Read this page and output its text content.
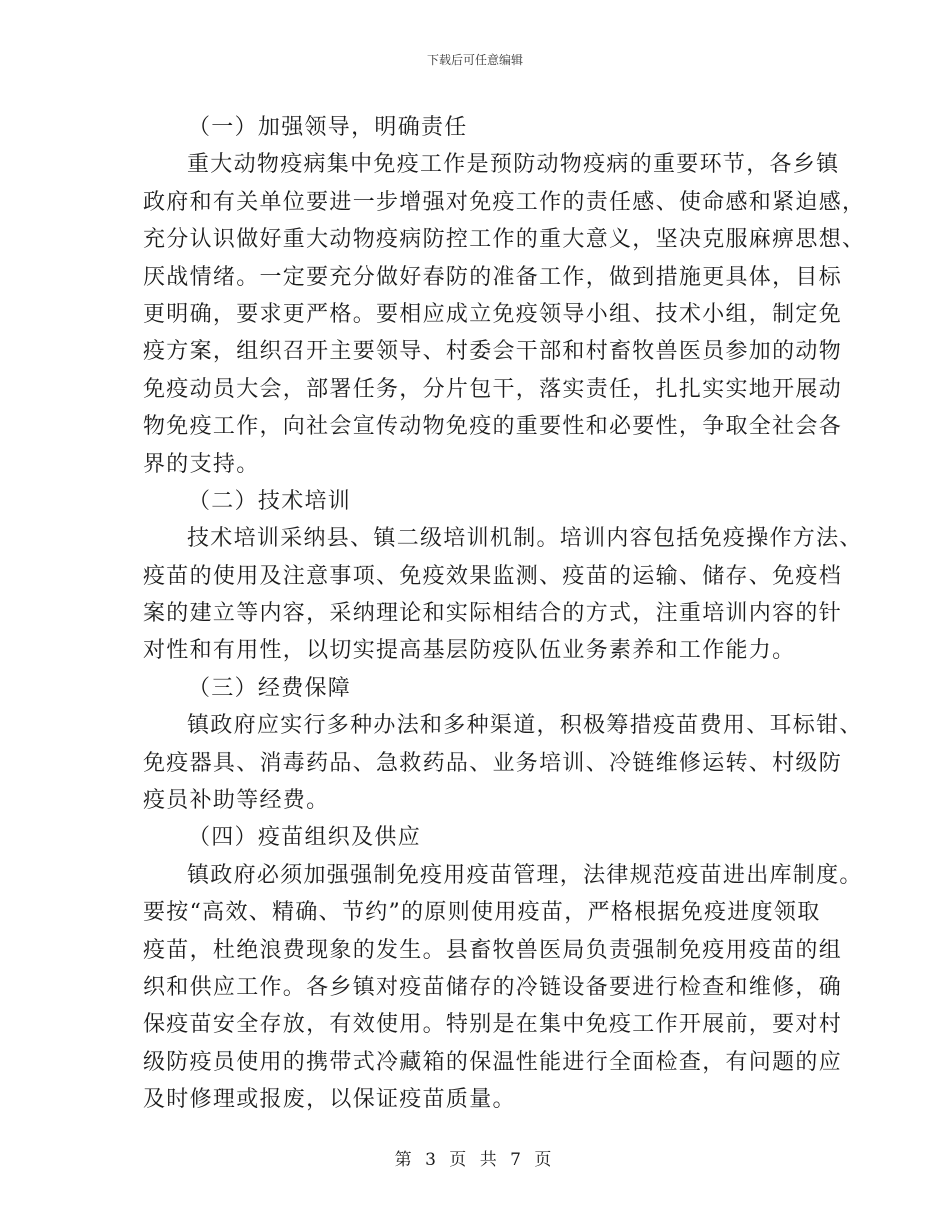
下载后可任意编辑
（一）加强领导，明确责任
重大动物疫病集中免疫工作是预防动物疫病的重要环节，各乡镇
政府和有关单位要进一步增强对免疫工作的责任感、使命感和紧迫感，
充分认识做好重大动物疫病防控工作的重大意义，坚决克服麻痹思想、
厌战情绪。一定要充分做好春防的准备工作，做到措施更具体，目标
更明确，要求更严格。要相应成立免疫领导小组、技术小组，制定免
疫方案，组织召开主要领导、村委会干部和村畜牧兽医员参加的动物
免疫动员大会，部署任务，分片包干，落实责任，扎扎实实地开展动
物免疫工作，向社会宣传动物免疫的重要性和必要性，争取全社会各
界的支持。
（二）技术培训
技术培训采纳县、镇二级培训机制。培训内容包括免疫操作方法、
疫苗的使用及注意事项、免疫效果监测、疫苗的运输、储存、免疫档
案的建立等内容，采纳理论和实际相结合的方式，注重培训内容的针
对性和有用性，以切实提高基层防疫队伍业务素养和工作能力。
（三）经费保障
镇政府应实行多种办法和多种渠道，积极筹措疫苗费用、耳标钳、
免疫器具、消毒药品、急救药品、业务培训、冷链维修运转、村级防
疫员补助等经费。
（四）疫苗组织及供应
镇政府必须加强强制免疫用疫苗管理，法律规范疫苗进出库制度。
要按“高效、精确、节约”的原则使用疫苗，严格根据免疫进度领取
疫苗，杜绝浪费现象的发生。县畜牧兽医局负责强制免疫用疫苗的组
织和供应工作。各乡镇对疫苗储存的冷链设备要进行检查和维修，确
保疫苗安全存放，有效使用。特别是在集中免疫工作开展前，要对村
级防疫员使用的携带式冷藏箱的保温性能进行全面检查，有问题的应
及时修理或报废，以保证疫苗质量。
第 3 页 共 7 页
